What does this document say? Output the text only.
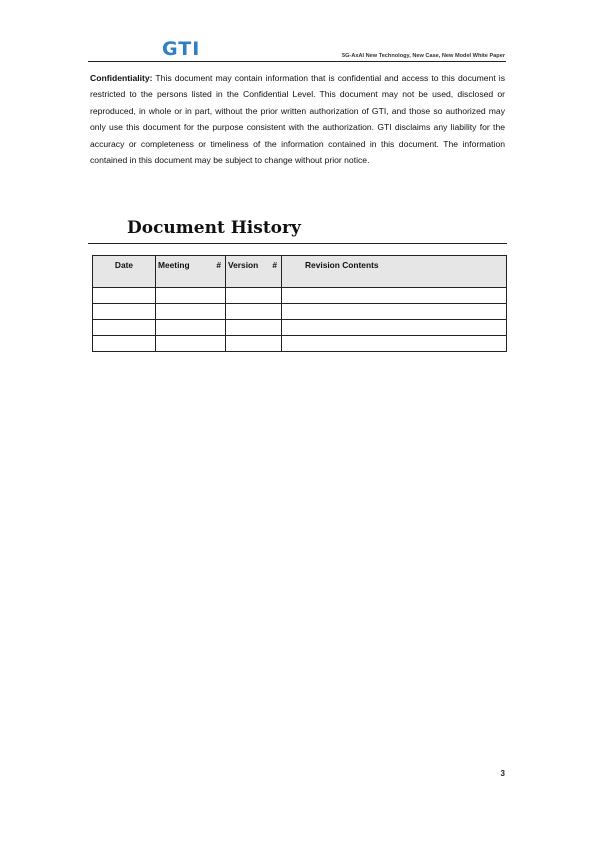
GTI	5G-AxAI New Technology, New Case, New Model White Paper

Confidentiality: This document may contain information that is confidential and access to this document is restricted to the persons listed in the Confidential Level. This document may not be used, disclosed or reproduced, in whole or in part, without the prior written authorization of GTI, and those so authorized may only use this document for the purpose consistent with the authorization. GTI disclaims any liability for the accuracy or completeness or timeliness of the information contained in this document. The information contained in this document may be subject to change without prior notice.

Document History
Date	Meeting #	Version #	Revision Contents

3
